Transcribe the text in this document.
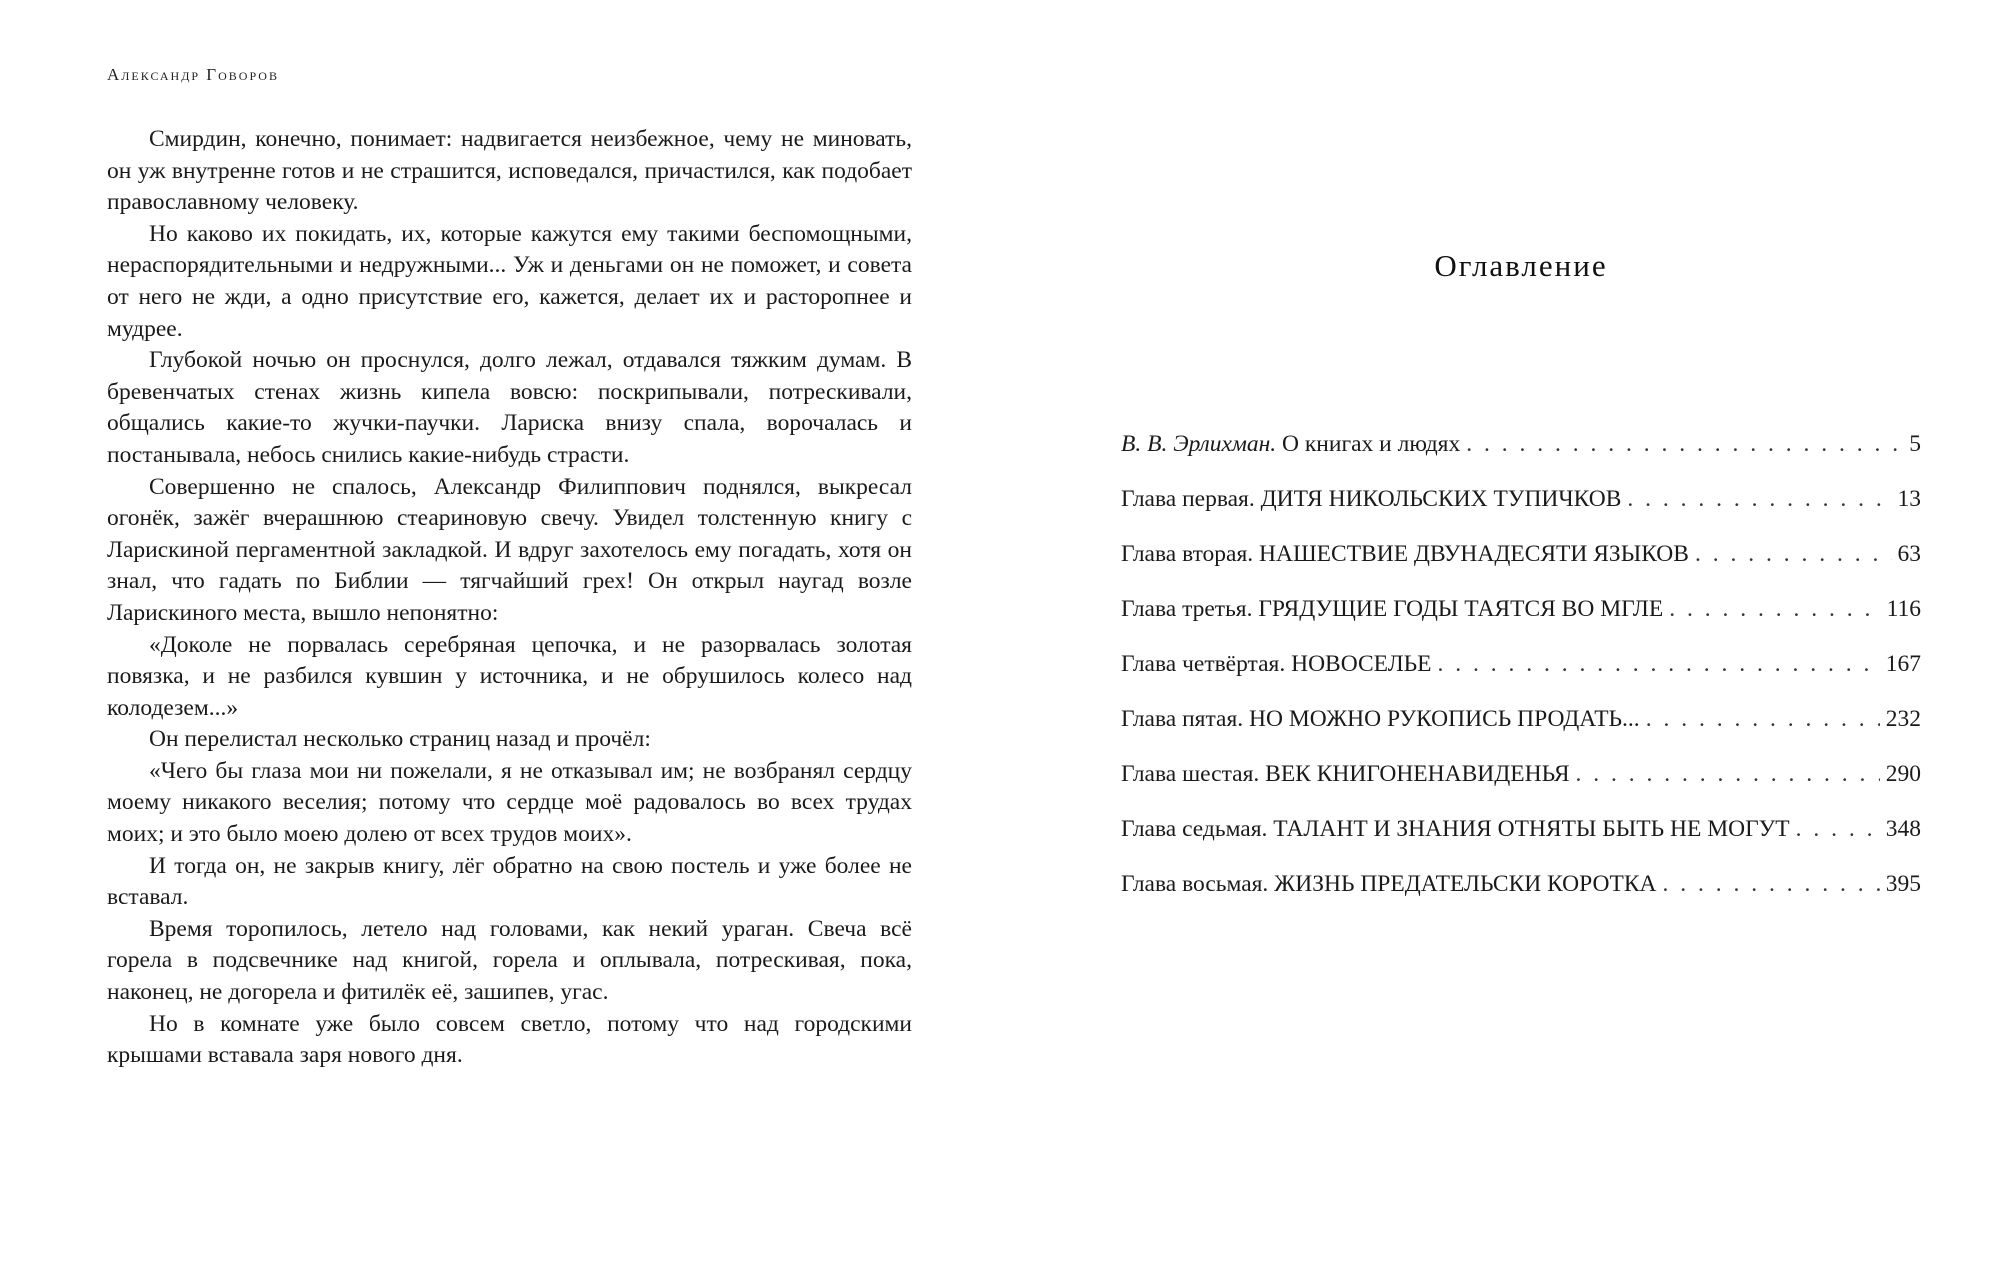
Александр Говоров

Смирдин, конечно, понимает: надвигается неизбежное, чему не миновать, он уж внутренне готов и не страшится, исповедался, причастился, как подобает православному человеку.

Но каково их покидать, их, которые кажутся ему такими беспомощными, нераспорядительными и недружными... Уж и деньгами он не поможет, и совета от него не жди, а одно присутствие его, кажется, делает их и расторопнее и мудрее.

Глубокой ночью он проснулся, долго лежал, отдавался тяжким думам. В бревенчатых стенах жизнь кипела вовсю: поскрипывали, потрескивали, общались какие-то жучки-паучки. Лариска внизу спала, ворочалась и постанывала, небось снились какие-нибудь страсти.

Совершенно не спалось, Александр Филиппович поднялся, выкресал огонёк, зажёг вчерашнюю стеариновую свечу. Увидел толстенную книгу с Ларискиной пергаментной закладкой. И вдруг захотелось ему погадать, хотя он знал, что гадать по Библии — тягчайший грех! Он открыл наугад возле Ларискиного места, вышло непонятно:

«Доколе не порвалась серебряная цепочка, и не разорвалась золотая повязка, и не разбился кувшин у источника, и не обрушилось колесо над колодезем...»

Он перелистал несколько страниц назад и прочёл:

«Чего бы глаза мои ни пожелали, я не отказывал им; не возбранял сердцу моему никакого веселия; потому что сердце моё радовалось во всех трудах моих; и это было моею долею от всех трудов моих».

И тогда он, не закрыв книгу, лёг обратно на свою постель и уже более не вставал.

Время торопилось, летело над головами, как некий ураган. Свеча всё горела в подсвечнике над книгой, горела и оплывала, потрескивая, пока, наконец, не догорела и фитилёк её, зашипев, угас.

Но в комнате уже было совсем светло, потому что над городскими крышами вставала заря нового дня.

Оглавление
В. В. Эрлихман. О книгах и людях . . .	5
Глава первая. ДИТЯ НИКОЛЬСКИХ ТУПИЧКОВ . . .	13
Глава вторая. НАШЕСТВИЕ ДВУНАДЕСЯТИ ЯЗЫКОВ . . .	63
Глава третья. ГРЯДУЩИЕ ГОДЫ ТАЯТСЯ ВО МГЛЕ . . .	116
Глава четвёртая. НОВОСЕЛЬЕ . . .	167
Глава пятая. НО МОЖНО РУКОПИСЬ ПРОДАТЬ... . . .	232
Глава шестая. ВЕК КНИГОНЕНАВИДЕНЬЯ . . .	290
Глава седьмая. ТАЛАНТ И ЗНАНИЯ ОТНЯТЫ БЫТЬ НЕ МОГУТ . . .	348
Глава восьмая. ЖИЗНЬ ПРЕДАТЕЛЬСКИ КОРОТКА . . .	395
